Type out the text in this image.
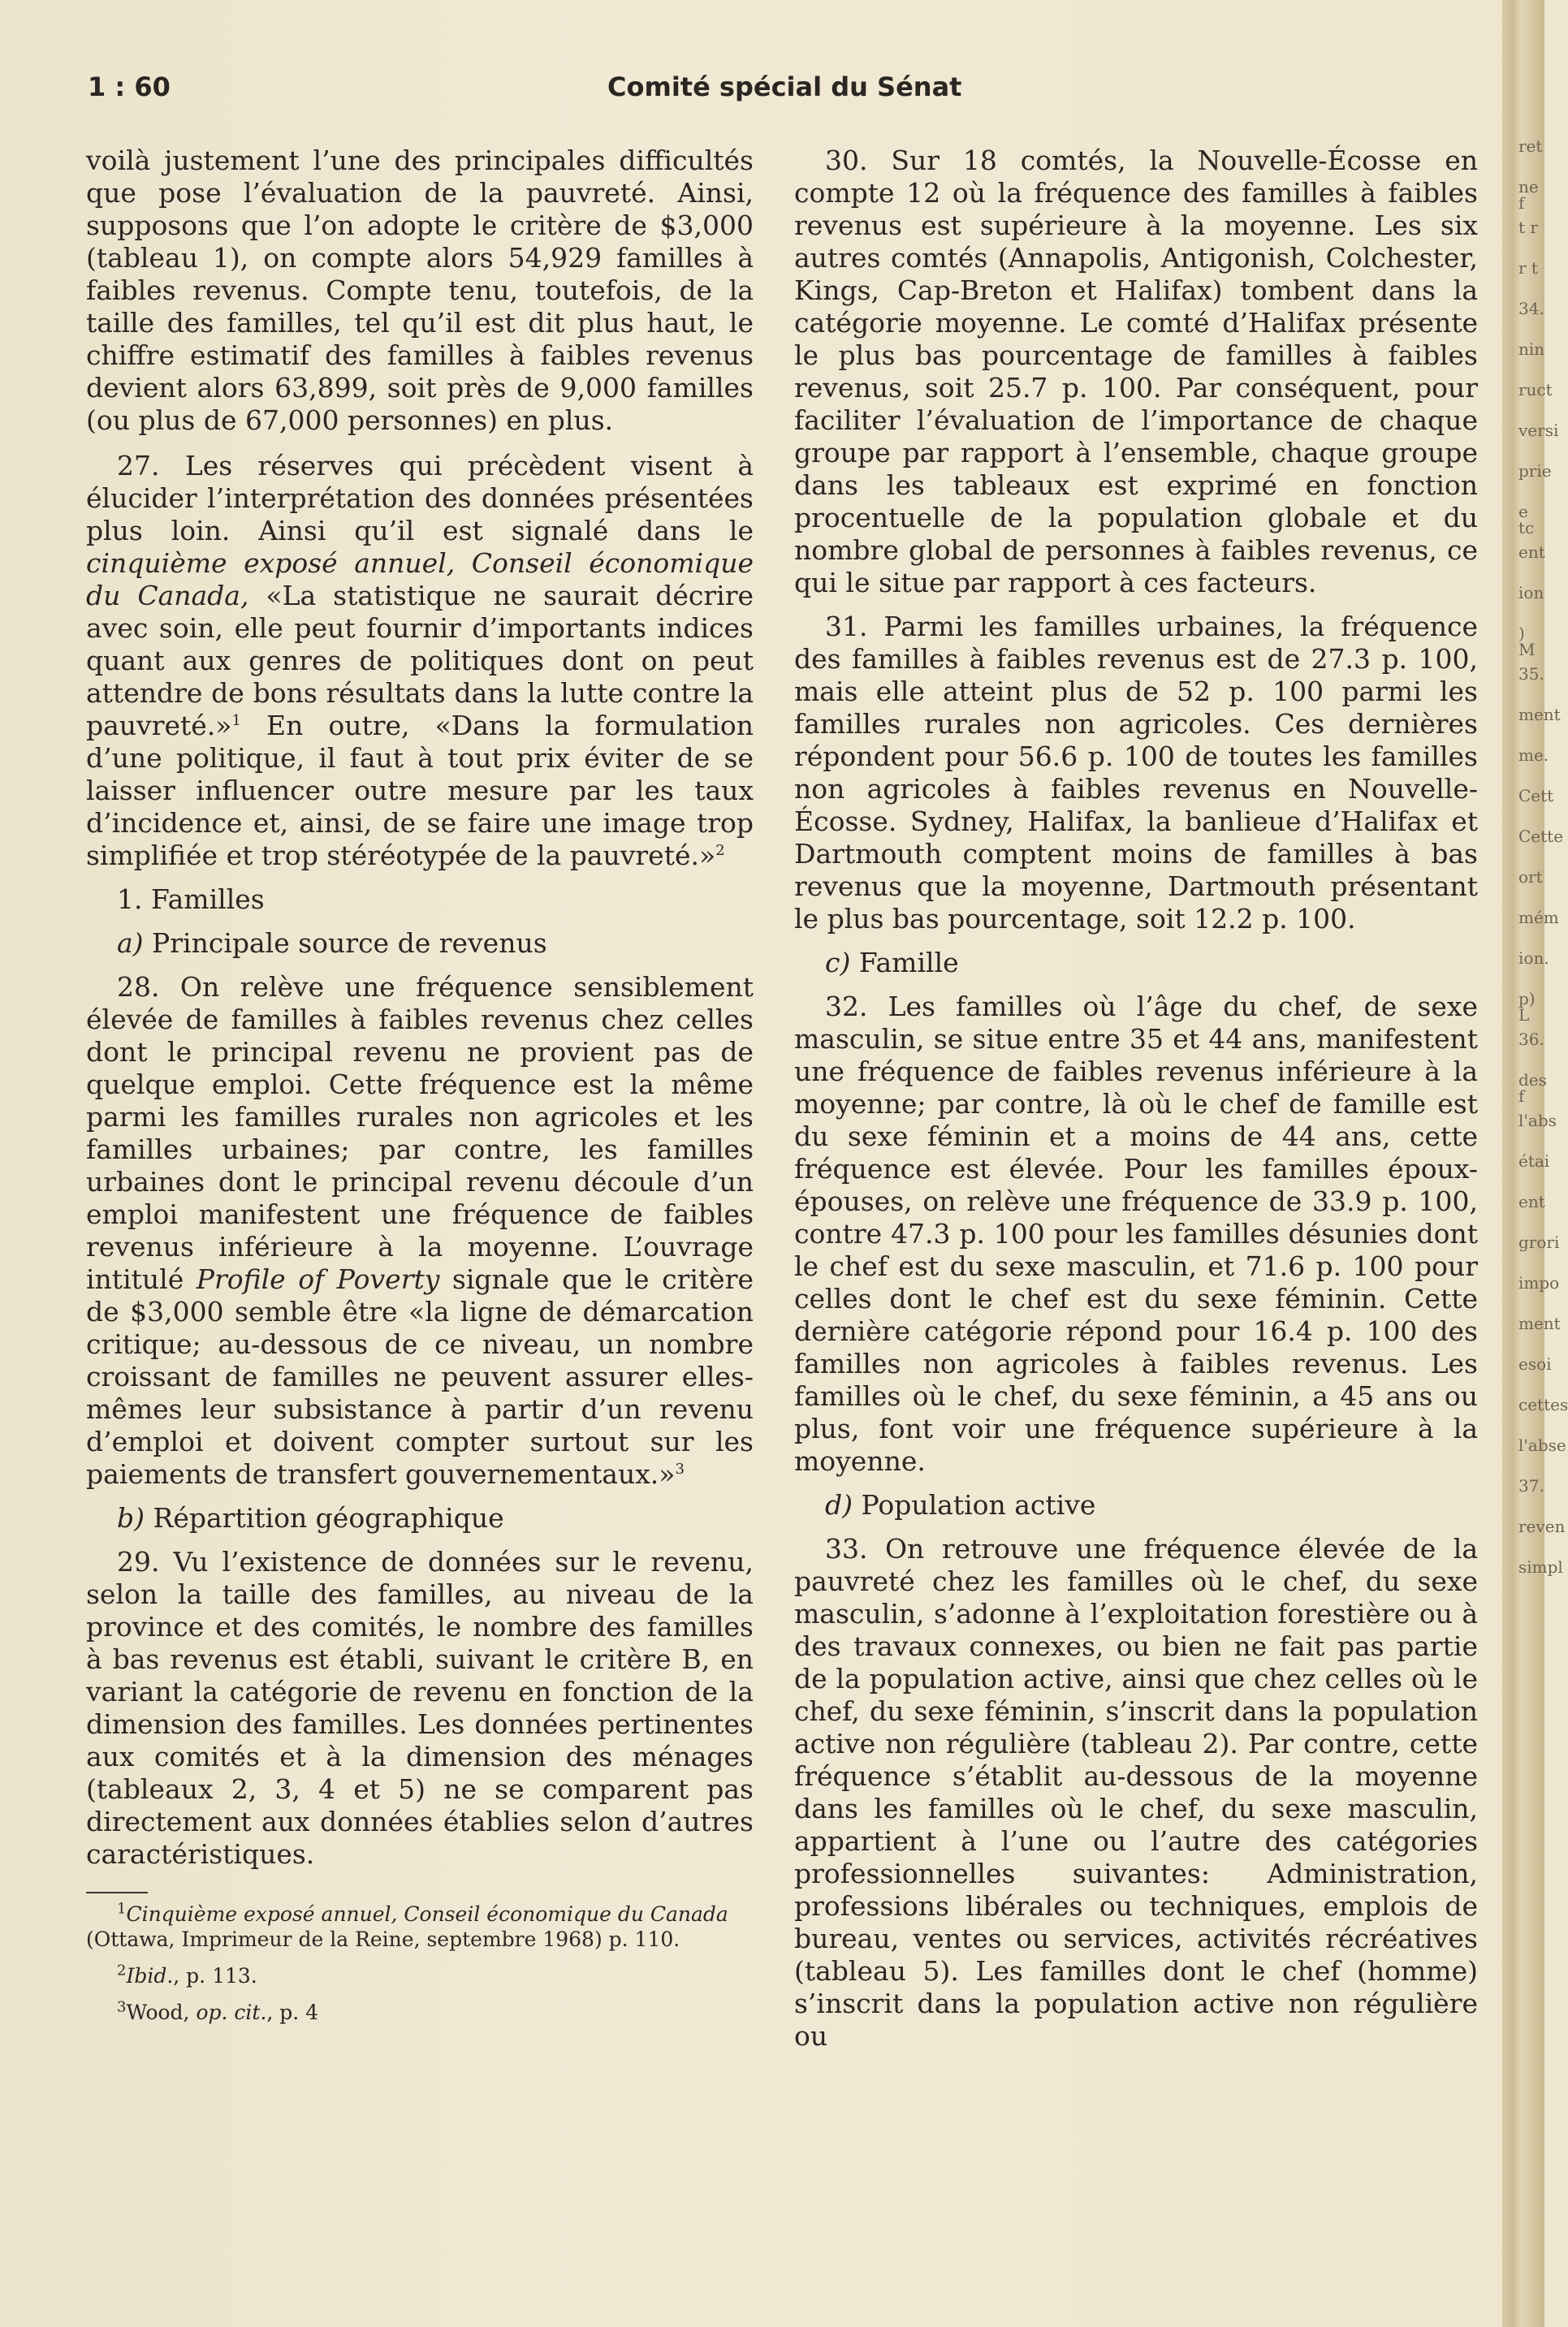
1 : 60	Comité spécial du Sénat

voilà justement l’une des principales difficultés que pose l’évaluation de la pauvreté. Ainsi, supposons que l’on adopte le critère de $3,000 (tableau 1), on compte alors 54,929 familles à faibles revenus. Compte tenu, toutefois, de la taille des familles, tel qu’il est dit plus haut, le chiffre estimatif des familles à faibles revenus devient alors 63,899, soit près de 9,000 familles (ou plus de 67,000 personnes) en plus.

27. Les réserves qui précèdent visent à élucider l’interprétation des données présentées plus loin. Ainsi qu’il est signalé dans le cinquième exposé annuel, Conseil économique du Canada, «La statistique ne saurait décrire avec soin, elle peut fournir d’importants indices quant aux genres de politiques dont on peut attendre de bons résultats dans la lutte contre la pauvreté.»$^1$ En outre, «Dans la formulation d’une politique, il faut à tout prix éviter de se laisser influencer outre mesure par les taux d’incidence et, ainsi, de se faire une image trop simplifiée et trop stéréotypée de la pauvreté.»$^2$

1. Familles

a) Principale source de revenus

28. On relève une fréquence sensiblement élevée de familles à faibles revenus chez celles dont le principal revenu ne provient pas de quelque emploi. Cette fréquence est la même parmi les familles rurales non agricoles et les familles urbaines; par contre, les familles urbaines dont le principal revenu découle d’un emploi manifestent une fréquence de faibles revenus inférieure à la moyenne. L’ouvrage intitulé Profile of Poverty signale que le critère de $3,000 semble être «la ligne de démarcation critique; au-dessous de ce niveau, un nombre croissant de familles ne peuvent assurer elles-mêmes leur subsistance à partir d’un revenu d’emploi et doivent compter surtout sur les paiements de transfert gouvernementaux.»$^3$

b) Répartition géographique

29. Vu l’existence de données sur le revenu, selon la taille des familles, au niveau de la province et des comités, le nombre des familles à bas revenus est établi, suivant le critère B, en variant la catégorie de revenu en fonction de la dimension des familles. Les données pertinentes aux comités et à la dimension des ménages (tableaux 2, 3, 4 et 5) ne se comparent pas directement aux données établies selon d’autres caractéristiques.

$^1$Cinquième exposé annuel, Conseil économique du Canada (Ottawa, Imprimeur de la Reine, septembre 1968) p. 110.

$^2$Ibid., p. 113.

$^3$Wood, op. cit., p. 4

30. Sur 18 comtés, la Nouvelle-Écosse en compte 12 où la fréquence des familles à faibles revenus est supérieure à la moyenne. Les six autres comtés (Annapolis, Antigonish, Colchester, Kings, Cap-Breton et Halifax) tombent dans la catégorie moyenne. Le comté d’Halifax présente le plus bas pourcentage de familles à faibles revenus, soit 25.7 p. 100. Par conséquent, pour faciliter l’évaluation de l’importance de chaque groupe par rapport à l’ensemble, chaque groupe dans les tableaux est exprimé en fonction procentuelle de la population globale et du nombre global de personnes à faibles revenus, ce qui le situe par rapport à ces facteurs.

31. Parmi les familles urbaines, la fréquence des familles à faibles revenus est de 27.3 p. 100, mais elle atteint plus de 52 p. 100 parmi les familles rurales non agricoles. Ces dernières répondent pour 56.6 p. 100 de toutes les familles non agricoles à faibles revenus en Nouvelle-Écosse. Sydney, Halifax, la banlieue d’Halifax et Dartmouth comptent moins de familles à bas revenus que la moyenne, Dartmouth présentant le plus bas pourcentage, soit 12.2 p. 100.

c) Famille

32. Les familles où l’âge du chef, de sexe masculin, se situe entre 35 et 44 ans, manifestent une fréquence de faibles revenus inférieure à la moyenne; par contre, là où le chef de famille est du sexe féminin et a moins de 44 ans, cette fréquence est élevée. Pour les familles époux-épouses, on relève une fréquence de 33.9 p. 100, contre 47.3 p. 100 pour les familles désunies dont le chef est du sexe masculin, et 71.6 p. 100 pour celles dont le chef est du sexe féminin. Cette dernière catégorie répond pour 16.4 p. 100 des familles non agricoles à faibles revenus. Les familles où le chef, du sexe féminin, a 45 ans ou plus, font voir une fréquence supérieure à la moyenne.

d) Population active

33. On retrouve une fréquence élevée de la pauvreté chez les familles où le chef, du sexe masculin, s’adonne à l’exploitation forestière ou à des travaux connexes, ou bien ne fait pas partie de la population active, ainsi que chez celles où le chef, du sexe féminin, s’inscrit dans la population active non régulière (tableau 2). Par contre, cette fréquence s’établit au-dessous de la moyenne dans les familles où le chef, du sexe masculin, appartient à l’une ou l’autre des catégories professionnelles suivantes: Administration, professions libérales ou techniques, emplois de bureau, ventes ou services, activités récréatives (tableau 5). Les familles dont le chef (homme) s’inscrit dans la population active non régulière ou

ret
ne f
t r
r t
34.
nin
ruct
versi
prie
e tc
ent
ion
) M
35.
ment
me.
Cett
Cette
ort
mém
ion.
p) L
36.
des f
l'abs
étai
ent
grori
impo
ment
esoi
cettes
l'abse
37.
reven
simpl
